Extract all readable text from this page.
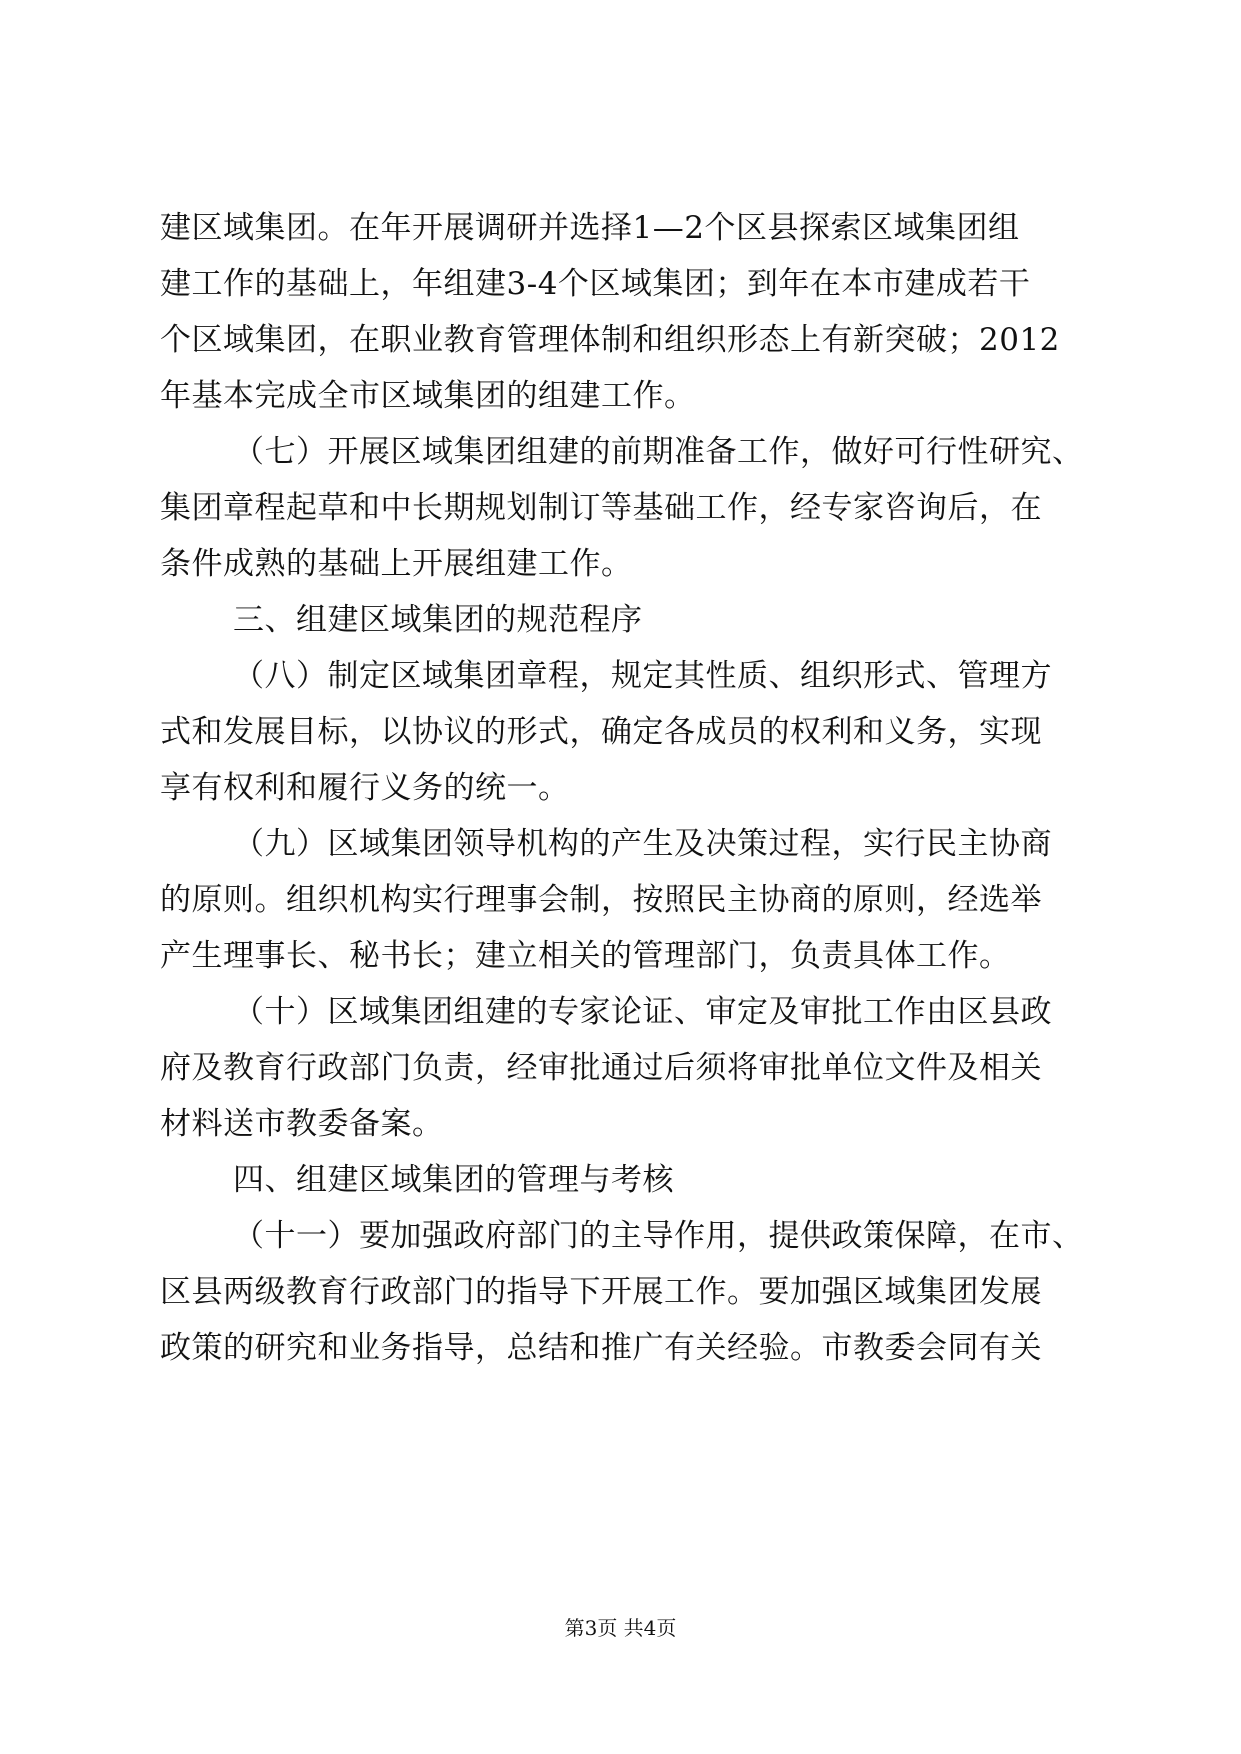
建区域集团。在年开展调研并选择1—2个区县探索区域集团组
建工作的基础上，年组建3-4个区域集团；到年在本市建成若干
个区域集团，在职业教育管理体制和组织形态上有新突破；2012
年基本完成全市区域集团的组建工作。
（七）开展区域集团组建的前期准备工作，做好可行性研究、
集团章程起草和中长期规划制订等基础工作，经专家咨询后，在
条件成熟的基础上开展组建工作。
三、组建区域集团的规范程序
（八）制定区域集团章程，规定其性质、组织形式、管理方
式和发展目标，以协议的形式，确定各成员的权利和义务，实现
享有权利和履行义务的统一。
（九）区域集团领导机构的产生及决策过程，实行民主协商
的原则。组织机构实行理事会制，按照民主协商的原则，经选举
产生理事长、秘书长；建立相关的管理部门，负责具体工作。
（十）区域集团组建的专家论证、审定及审批工作由区县政
府及教育行政部门负责，经审批通过后须将审批单位文件及相关
材料送市教委备案。
四、组建区域集团的管理与考核
（十一）要加强政府部门的主导作用，提供政策保障，在市、
区县两级教育行政部门的指导下开展工作。要加强区域集团发展
政策的研究和业务指导，总结和推广有关经验。市教委会同有关
第3页 共4页
